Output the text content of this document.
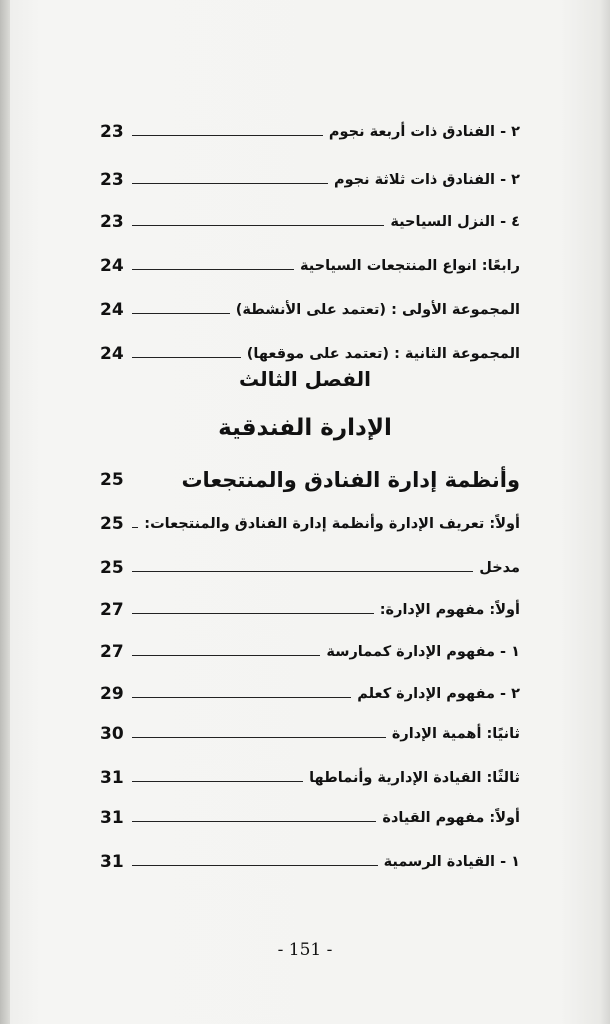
23	٢ - الفنادق ذات أربعة نجوم
23	٢ - الفنادق ذات ثلاثة نجوم
23	٤ - النزل السياحية
24	رابعًا: انواع المنتجعات السياحية
24	المجموعة الأولى : (تعتمد على الأنشطة)
24	المجموعة الثانية : (تعتمد على موقعها)
الفصل الثالث
الإدارة الفندقية
25	وأنظمة إدارة الفنادق والمنتجعات
25 أولاً: تعريف الإدارة وأنظمة إدارة الفنادق والمنتجعات:
25	مدخل
27	أولاً: مفهوم الإدارة:
27	١ - مفهوم الإدارة كممارسة
29	٢ - مفهوم الإدارة كعلم
30	ثانيًا: أهمية الإدارة
31	ثالثًا: القيادة الإدارية وأنماطها
31	أولاً: مفهوم القيادة
31	١ - القيادة الرسمية
- 151 -
